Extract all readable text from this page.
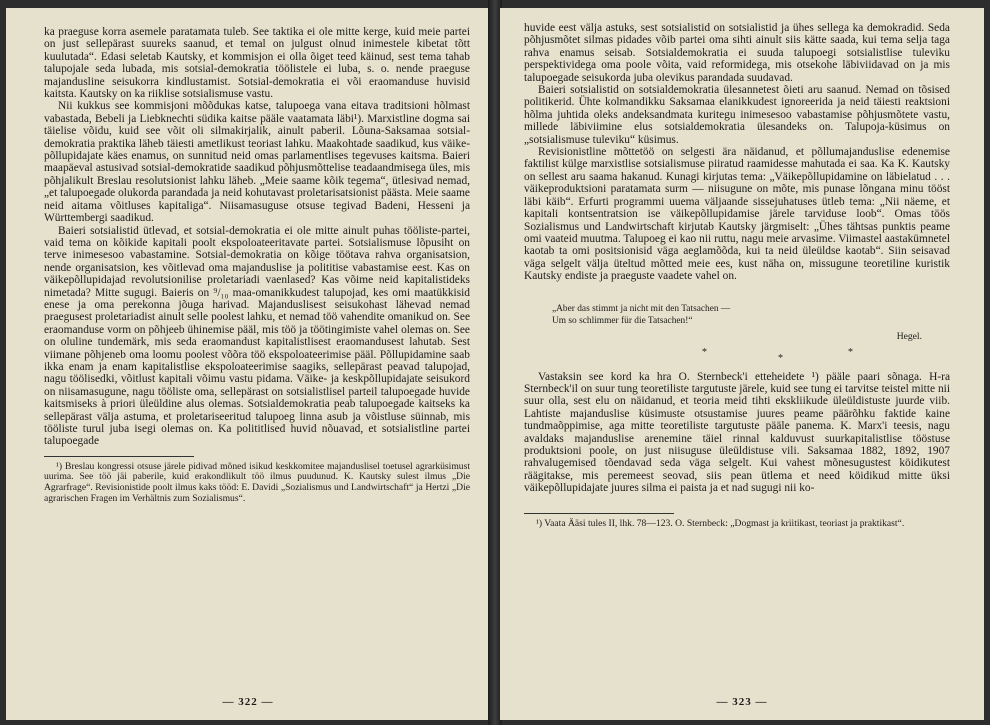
ka praeguse korra asemele paratamata tuleb. See taktika ei ole mitte kerge, kuid meie partei on just sellepärast suureks saanud, et temal on julgust olnud inimestele kibetat tõtt kuulutada“. Edasi seletab Kautsky, et kommisjon ei olla õiget teed käinud, sest tema tahab talupojale seda lubada, mis sotsial-demokratia töölistele ei luba, s. o. nende praeguse majandusline seisukorra kindlustamist. Sotsial-demokratia ei või eraomanduse huvisid kaitsta. Kautsky on ka riiklise sotsialismuse vastu.

Nii kukkus see kommisjoni mõõdukas katse, talupoega vana eitava traditsioni hõlmast vabastada, Bebeli ja Liebknechti südika kaitse pääle vaatamata läbi¹). Marxistline dogma sai täielise võidu, kuid see võit oli silmakirjalik, ainult paberil. Lõuna-Saksamaa sotsial-demokratia praktika läheb täiesti ametlikust teoriast lahku. Maakohtade saadikud, kus väike-põllupidajate käes enamus, on sunnitud neid omas parlamentlises tegevuses kaitsma. Baieri maapäeval astusivad sotsial-demokratide saadikud põhjusmõttelise teadaandmisega üles, mis põhjalikult Breslau resolutsionist lahku läheb. „Meie saame kõik tegema“, ütlesivad nemad, „et talupoegade olukorda parandada ja neid kohutavast proletarisatsionist päästa. Meie saame neid aitama võitluses kapitaliga“. Niisamasuguse otsuse tegivad Badeni, Hesseni ja Württembergi saadikud.

Baieri sotsialistid ütlevad, et sotsial-demokratia ei ole mitte ainult puhas tööliste-partei, vaid tema on kõikide kapitali poolt ekspoloateeritavate partei. Sotsialismuse lõpusiht on terve inimesesoo vabastamine. Sotsial-demokratia on kõige töötava rahva organisatsion, nende organisatsion, kes võitlevad oma majanduslise ja polititise vabastamise eest. Kas on väikepõllupidajad revolutsionilise proletariadi vaenlased? Kas võime neid kapitalistideks nimetada? Mitte sugugi. Baieris on ⁹/₁₀ maa-omanikkudest talupojad, kes omi maatükkisid enese ja oma perekonna jõuga harivad. Majanduslisest seisukohast lähevad nemad praegusest proletariadist ainult selle poolest lahku, et nemad töö vahendite omanikud on. See eraomanduse vorm on põhjeeb ühinemise pääl, mis töö ja töötingimiste vahel olemas on. See on oluline tundemärk, mis seda eraomandust kapitalistlisest eraomandusest lahutab. Sest viimane põhjeneb oma loomu poolest võõra töö ekspoloateerimise pääl. Põllupidamine saab ikka enam ja enam kapitalistlise ekspoloateerimise saagiks, sellepärast peavad talupojad, nagu töölisedki, võitlust kapitali võimu vastu pidama. Väike- ja keskpõllupidajate seisukord on niisamasugune, nagu tööliste oma, sellepärast on sotsialistlisel parteil talupoegade huvide kaitsmiseks à priori üleüldine alus olemas. Sotsialdemokratia peab talupoegade kaitseks ka sellepärast välja astuma, et proletariseeritud talupoeg linna asub ja võistluse süinnab, mis tööliste turul juba isegi olemas on. Ka polititlised huvid nõuavad, et sotsialistline partei talupoegade

¹) Breslau kongressi otsuse järele pidivad mõned isikud keskkomitee majanduslisel toetusel agrarküsimust uurima. See töö jäi paberile, kuid erakondlikult töö ilmus puudunud. K. Kautsky sulest ilmus „Die Agrarfrage“. Revisionistide poolt ilmus kaks tööd: E. Davidi „Sozialismus und Landwirtschaft“ ja Hertzi „Die agrarischen Fragen im Verhältnis zum Sozialismus“.

— 322 —

huvide eest välja astuks, sest sotsialistid on sotsialistid ja ühes sellega ka demokradid. Seda põhjusmõtet silmas pidades võib partei oma sihti ainult siis kätte saada, kui tema selja taga rahva enamus seisab. Sotsialdemokratia ei suuda talupoegi sotsialistlise tuleviku perspektividega oma poole võita, vaid reformidega, mis otsekohe läbiviidavad on ja mis talupoegade seisukorda juba olevikus parandada suudavad.

Baieri sotsialistid on sotsialdemokratia ülesannetest õieti aru saanud. Nemad on tõsised politikerid. Ühte kolmandikku Saksamaa elanikkudest ignoreerida ja neid täiesti reaktsioni hõlma juhtida oleks andeksandmata kuritegu inimesesoo vabastamise põhjusmõtete vastu, millede läbiviimine elus sotsialdemokratia ülesandeks on. Talupoja-küsimus on „sotsialismuse tuleviku“ küsimus.

Revisionistline mõttetöö on selgesti ära näidanud, et põllumajanduslise edenemise faktilist külge marxistlise sotsialismuse piiratud raamidesse mahutada ei saa. Ka K. Kautsky on sellest aru saama hakanud. Kunagi kirjutas tema: „Väikepõllupidamine on läbielatud . . . väikeproduktsioni paratamata surm — niisugune on mõte, mis punase lõngana minu tööst läbi käib“. Erfurti programmi uuema väljaande sissejuhatuses ütleb tema: „Nii näeme, et kapitali kontsentratsion ise väikepõllupidamise järele tarviduse loob“. Omas töös Sozialismus und Landwirtschaft kirjutab Kautsky järgmiselt: „Ühes tähtsas punktis peame omi vaateid muutma. Talupoeg ei kao nii ruttu, nagu meie arvasime. Viimastel aastakümnetel kaotab ta omi positsionisid väga aeglamõõda, kui ta neid üleüldse kaotab“. Siin seisavad väga selgelt välja üteltud mõtted meie ees, kust näha on, missugune teoretiline kuristik Kautsky endiste ja praeguste vaadete vahel on.

„Aber das stimmt ja nicht mit den Tatsachen —
Um so schlimmer für die Tatsachen!“
Hegel.
*
*
*

Vastaksin see kord ka hra O. Sternbeck'i etteheidete ¹) pääle paari sõnaga. H-ra Sternbeck'il on suur tung teoretiliste targutuste järele, kuid see tung ei tarvitse teistel mitte nii suur olla, sest elu on näidanud, et teoria meid tihti ekskliikude üleüldistuste juurde viib. Lahtiste majanduslise küsimuste otsustamise juures peame päärõhku faktide kaine tundmaõppimise, aga mitte teoretiliste targutuste pääle panema. K. Marx'i teesis, nagu avaldaks majanduslise arenemine täiel rinnal kalduvust suurkapitalistlise tööstuse produktsioni poole, on just niisuguse üleüldistuse vili. Saksamaa 1882, 1892, 1907 rahvalugemised tõendavad seda väga selgelt. Kui vahest mõnesugustest köidikutest räägitakse, mis peremeest seovad, siis pean ütlema et need köidikud mitte üksi väikepõllupidajate juures silma ei paista ja et nad sugugi nii ko-

¹) Vaata Ääsi tules II, lhk. 78—123. O. Sternbeck: „Dogmast ja kriitikast, teoriast ja praktikast“.

— 323 —
